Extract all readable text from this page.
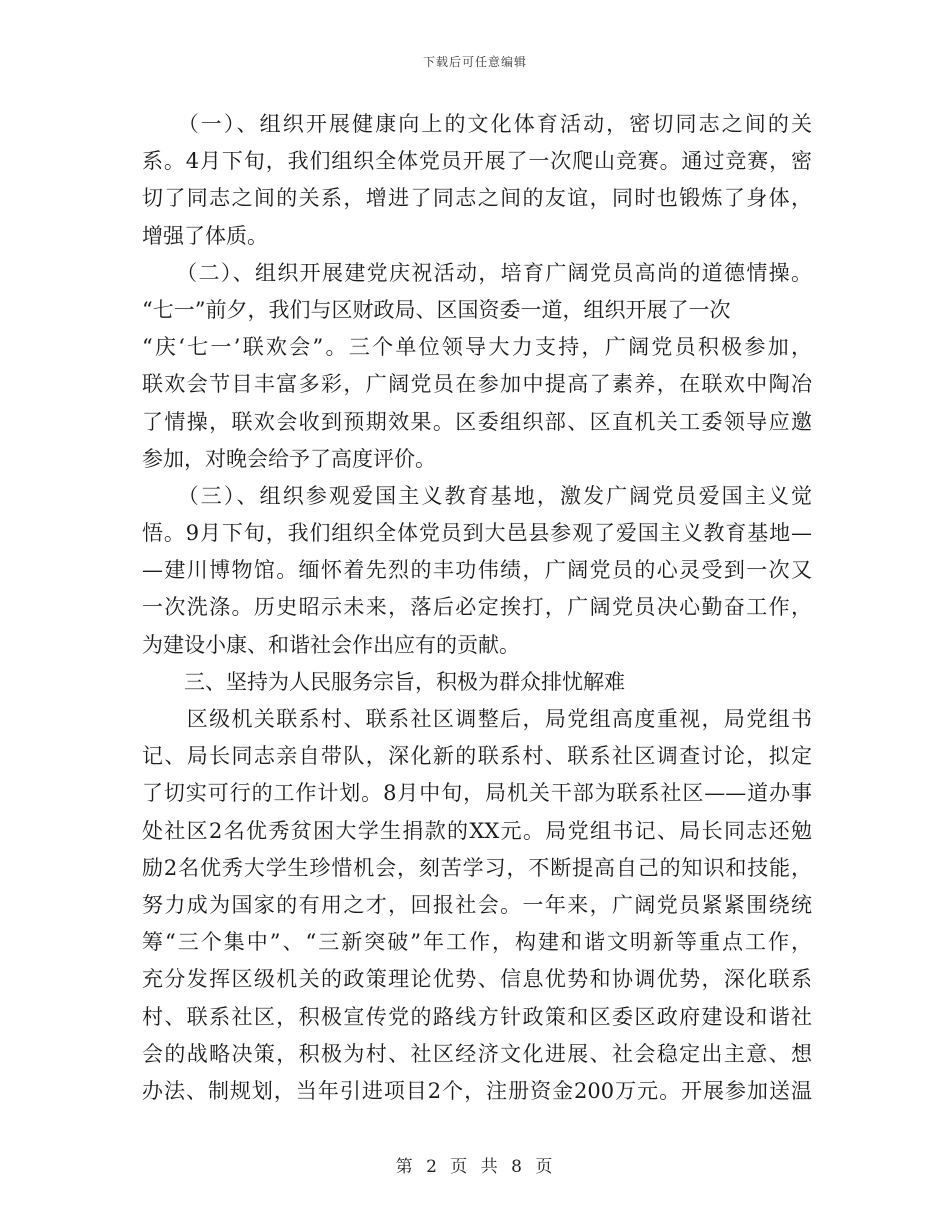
下载后可任意编辑
　　（一）、组织开展健康向上的文化体育活动，密切同志之间的关
系。4月下旬，我们组织全体党员开展了一次爬山竞赛。通过竞赛，密
切了同志之间的关系，增进了同志之间的友谊，同时也锻炼了身体，
增强了体质。
　　（二）、组织开展建党庆祝活动，培育广阔党员高尚的道德情操。
“七一”前夕，我们与区财政局、区国资委一道，组织开展了一次
“庆‘七一’联欢会”。三个单位领导大力支持，广阔党员积极参加，
联欢会节目丰富多彩，广阔党员在参加中提高了素养，在联欢中陶冶
了情操，联欢会收到预期效果。区委组织部、区直机关工委领导应邀
参加，对晚会给予了高度评价。
　　（三）、组织参观爱国主义教育基地，激发广阔党员爱国主义觉
悟。9月下旬，我们组织全体党员到大邑县参观了爱国主义教育基地—
—建川博物馆。缅怀着先烈的丰功伟绩，广阔党员的心灵受到一次又
一次洗涤。历史昭示未来，落后必定挨打，广阔党员决心勤奋工作，
为建设小康、和谐社会作出应有的贡献。
　　三、坚持为人民服务宗旨，积极为群众排忧解难
　　区级机关联系村、联系社区调整后，局党组高度重视，局党组书
记、局长同志亲自带队，深化新的联系村、联系社区调查讨论，拟定
了切实可行的工作计划。8月中旬，局机关干部为联系社区——道办事
处社区2名优秀贫困大学生捐款的XX元。局党组书记、局长同志还勉
励2名优秀大学生珍惜机会，刻苦学习，不断提高自己的知识和技能，
努力成为国家的有用之才，回报社会。一年来，广阔党员紧紧围绕统
筹“三个集中”、“三新突破”年工作，构建和谐文明新等重点工作，
充分发挥区级机关的政策理论优势、信息优势和协调优势，深化联系
村、联系社区，积极宣传党的路线方针政策和区委区政府建设和谐社
会的战略决策，积极为村、社区经济文化进展、社会稳定出主意、想
办法、制规划，当年引进项目2个，注册资金200万元。开展参加送温
第 2 页 共 8 页
